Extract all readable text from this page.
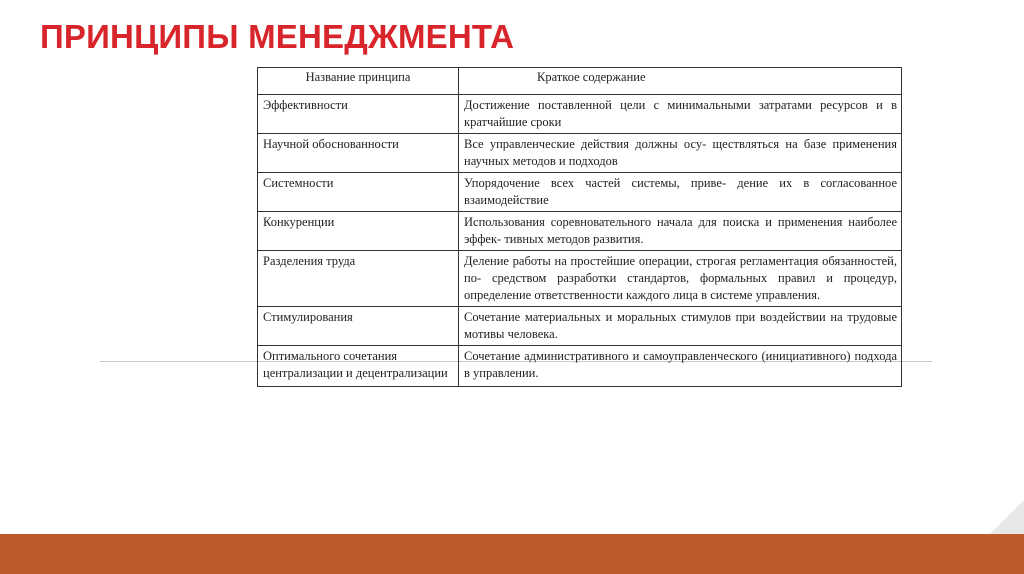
ПРИНЦИПЫ МЕНЕДЖМЕНТА
Название принципа	Краткое содержание
Эффективности	Достижение поставленной цели с минимальными затратами ресурсов и в кратчайшие сроки
Научной обоснованности	Все управленческие действия должны осу- ществляться на базе применения научных методов и подходов
Системности	Упорядочение всех частей системы, приве- дение их в согласованное взаимодействие
Конкуренции	Использования соревновательного начала для поиска и применения наиболее эффек- тивных методов развития.
Разделения труда	Деление работы на простейшие операции, строгая регламентация обязанностей, по- средством разработки стандартов, формальных правил и процедур, определение ответственности каждого лица в системе управления.
Стимулирования	Сочетание материальных и моральных стимулов при воздействии на трудовые мотивы человека.
Оптимального сочетания централизации и децентрализации	Сочетание административного и самоуправленческого (инициативного) подхода в управлении.
